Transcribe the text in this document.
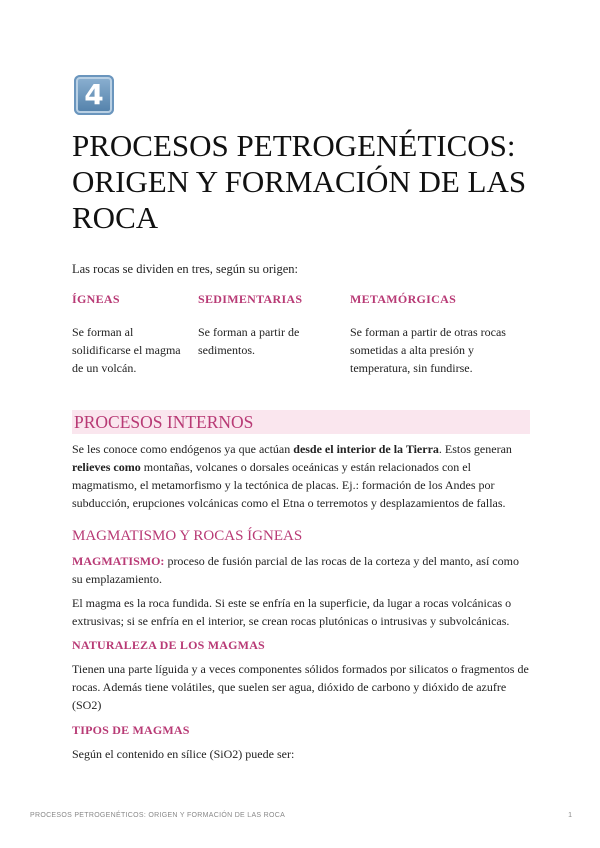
4
PROCESOS PETROGENÉTICOS: ORIGEN Y FORMACIÓN DE LAS ROCA

Las rocas se dividen en tres, según su origen:

ÍGNEAS

Se forman al solidificarse el magma de un volcán.

SEDIMENTARIAS

Se forman a partir de sedimentos.

METAMÓRGICAS

Se forman a partir de otras rocas sometidas a alta presión y temperatura, sin fundirse.

PROCESOS INTERNOS

Se les conoce como endógenos ya que actúan desde el interior de la Tierra. Estos generan relieves como montañas, volcanes o dorsales oceánicas y están relacionados con el magmatismo, el metamorfismo y la tectónica de placas. Ej.: formación de los Andes por subducción, erupciones volcánicas como el Etna o terremotos y desplazamientos de fallas.

MAGMATISMO Y ROCAS ÍGNEAS

MAGMATISMO: proceso de fusión parcial de las rocas de la corteza y del manto, así como su emplazamiento.

El magma es la roca fundida. Si este se enfría en la superficie, da lugar a rocas volcánicas o extrusivas; si se enfría en el interior, se crean rocas plutónicas o intrusivas y subvolcánicas.

NATURALEZA DE LOS MAGMAS

Tienen una parte líguida y a veces componentes sólidos formados por silicatos o fragmentos de rocas. Además tiene volátiles, que suelen ser agua, dióxido de carbono y dióxido de azufre (SO2)

TIPOS DE MAGMAS

Según el contenido en sílice (SiO2) puede ser:

PROCESOS PETROGENÉTICOS: ORIGEN Y FORMACIÓN DE LAS ROCA	1
